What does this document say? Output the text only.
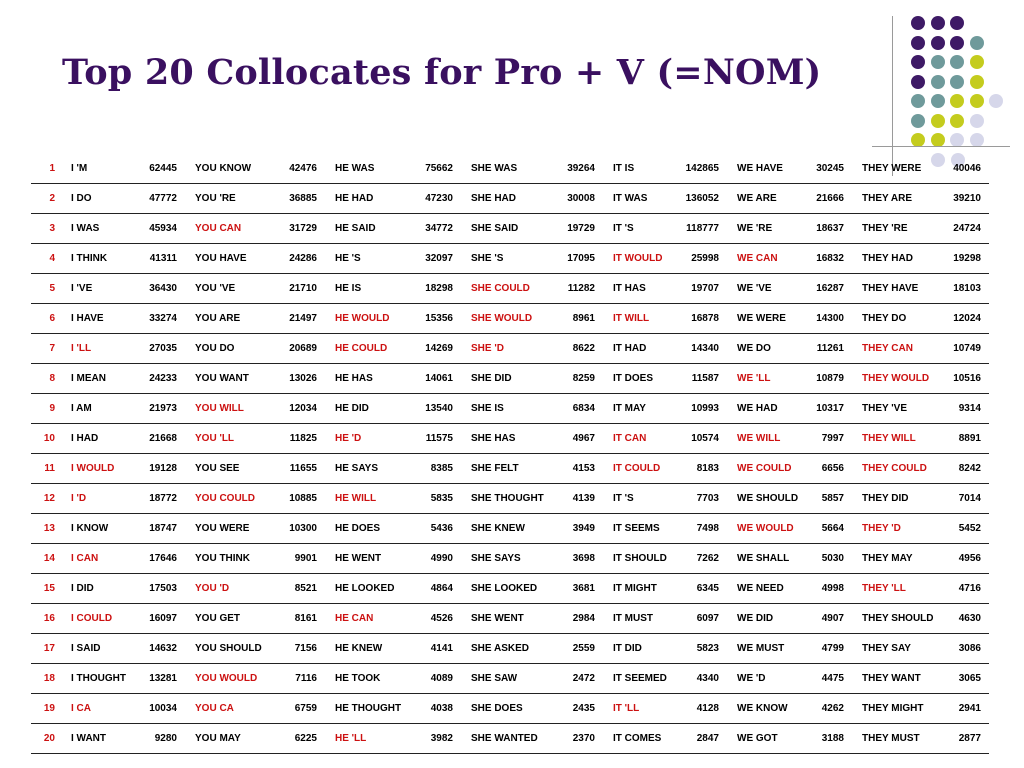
Top 20 Collocates for Pro + V (=NOM)
1	I 'M	62445	YOU KNOW	42476	HE WAS	75662	SHE WAS	39264	IT IS	142865	WE HAVE	30245	THEY WERE	40046
2	I DO	47772	YOU 'RE	36885	HE HAD	47230	SHE HAD	30008	IT WAS	136052	WE ARE	21666	THEY ARE	39210
3	I WAS	45934	YOU CAN	31729	HE SAID	34772	SHE SAID	19729	IT 'S	118777	WE 'RE	18637	THEY 'RE	24724
4	I THINK	41311	YOU HAVE	24286	HE 'S	32097	SHE 'S	17095	IT WOULD	25998	WE CAN	16832	THEY HAD	19298
5	I 'VE	36430	YOU 'VE	21710	HE IS	18298	SHE COULD	11282	IT HAS	19707	WE 'VE	16287	THEY HAVE	18103
6	I HAVE	33274	YOU ARE	21497	HE WOULD	15356	SHE WOULD	8961	IT WILL	16878	WE WERE	14300	THEY DO	12024
7	I 'LL	27035	YOU DO	20689	HE COULD	14269	SHE 'D	8622	IT HAD	14340	WE DO	11261	THEY CAN	10749
8	I MEAN	24233	YOU WANT	13026	HE HAS	14061	SHE DID	8259	IT DOES	11587	WE 'LL	10879	THEY WOULD	10516
9	I AM	21973	YOU WILL	12034	HE DID	13540	SHE IS	6834	IT MAY	10993	WE HAD	10317	THEY 'VE	9314
10	I HAD	21668	YOU 'LL	11825	HE 'D	11575	SHE HAS	4967	IT CAN	10574	WE WILL	7997	THEY WILL	8891
11	I WOULD	19128	YOU SEE	11655	HE SAYS	8385	SHE FELT	4153	IT COULD	8183	WE COULD	6656	THEY COULD	8242
12	I 'D	18772	YOU COULD	10885	HE WILL	5835	SHE THOUGHT	4139	IT 'S	7703	WE SHOULD	5857	THEY DID	7014
13	I KNOW	18747	YOU WERE	10300	HE DOES	5436	SHE KNEW	3949	IT SEEMS	7498	WE WOULD	5664	THEY 'D	5452
14	I CAN	17646	YOU THINK	9901	HE WENT	4990	SHE SAYS	3698	IT SHOULD	7262	WE SHALL	5030	THEY MAY	4956
15	I DID	17503	YOU 'D	8521	HE LOOKED	4864	SHE LOOKED	3681	IT MIGHT	6345	WE NEED	4998	THEY 'LL	4716
16	I COULD	16097	YOU GET	8161	HE CAN	4526	SHE WENT	2984	IT MUST	6097	WE DID	4907	THEY SHOULD	4630
17	I SAID	14632	YOU SHOULD	7156	HE KNEW	4141	SHE ASKED	2559	IT DID	5823	WE MUST	4799	THEY SAY	3086
18	I THOUGHT	13281	YOU WOULD	7116	HE TOOK	4089	SHE SAW	2472	IT SEEMED	4340	WE 'D	4475	THEY WANT	3065
19	I CA	10034	YOU CA	6759	HE THOUGHT	4038	SHE DOES	2435	IT 'LL	4128	WE KNOW	4262	THEY MIGHT	2941
20	I WANT	9280	YOU MAY	6225	HE 'LL	3982	SHE WANTED	2370	IT COMES	2847	WE GOT	3188	THEY MUST	2877
